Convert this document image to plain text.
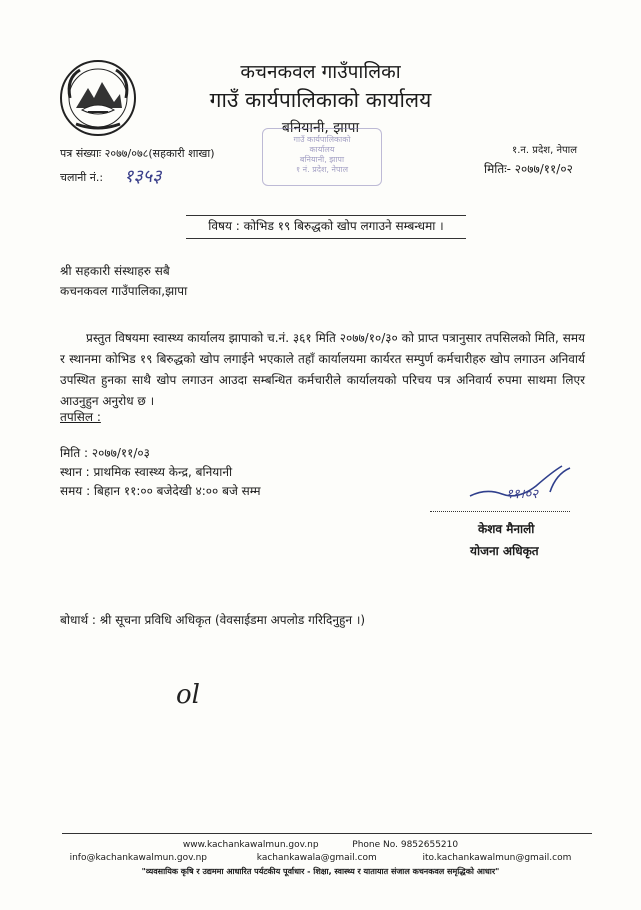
कचनकवल गाउँपालिका
गाउँ कार्यपालिकाको कार्यालय
बनियानी, झापा
गाउँ कार्यपालिकाको
कार्यालय
बनियानी, झापा
१ नं. प्रदेश, नेपाल
पत्र संख्याः २०७७/०७८(सहकारी शाखा)
चलानी नं.: १३५३
१.न. प्रदेश, नेपाल
मितिः- २०७७/११/०२
विषय : कोभिड १९ बिरुद्धको खोप लगाउने सम्बन्धमा ।
श्री सहकारी संस्थाहरु सबै
कचनकवल गाउँपालिका,झापा
प्रस्तुत विषयमा स्वास्थ्य कार्यालय झापाको च.नं. ३६१ मिति २०७७/१०/३० को प्राप्त पत्रानुसार तपसिलको मिति, समय र स्थानमा कोभिड १९ बिरुद्धको खोप लगाईने भएकाले तहाँ कार्यालयमा कार्यरत सम्पुर्ण कर्मचारीहरु खोप लगाउन अनिवार्य उपस्थित हुनका साथै खोप लगाउन आउदा सम्बन्धित कर्मचारीले कार्यालयको परिचय पत्र अनिवार्य रुपमा साथमा लिएर आउनुहुन अनुरोध छ ।
तपसिल :
मिति : २०७७/११/०३
स्थान : प्राथमिक स्वास्थ्य केन्द्र, बनियानी
समय : बिहान ११:०० बजेदेखी ४:०० बजे सम्म	११।०२
केशव मैनाली
योजना अधिकृत
बोधार्थ : श्री सूचना प्रविधि अधिकृत (वेवसाईडमा अपलोड गरिदिनुहुन ।)
ol
www.kachankawalmun.gov.np	Phone No. 9852655210
info@kachankawalmun.gov.np	kachankawala@gmail.com	ito.kachankawalmun@gmail.com
"व्यवसायिक कृषि र उद्यममा आधारित पर्यटकीय पूर्वाधार - शिक्षा, स्वास्थ्य र यातायात संजाल कचनकवल समृद्धिको आधार"
